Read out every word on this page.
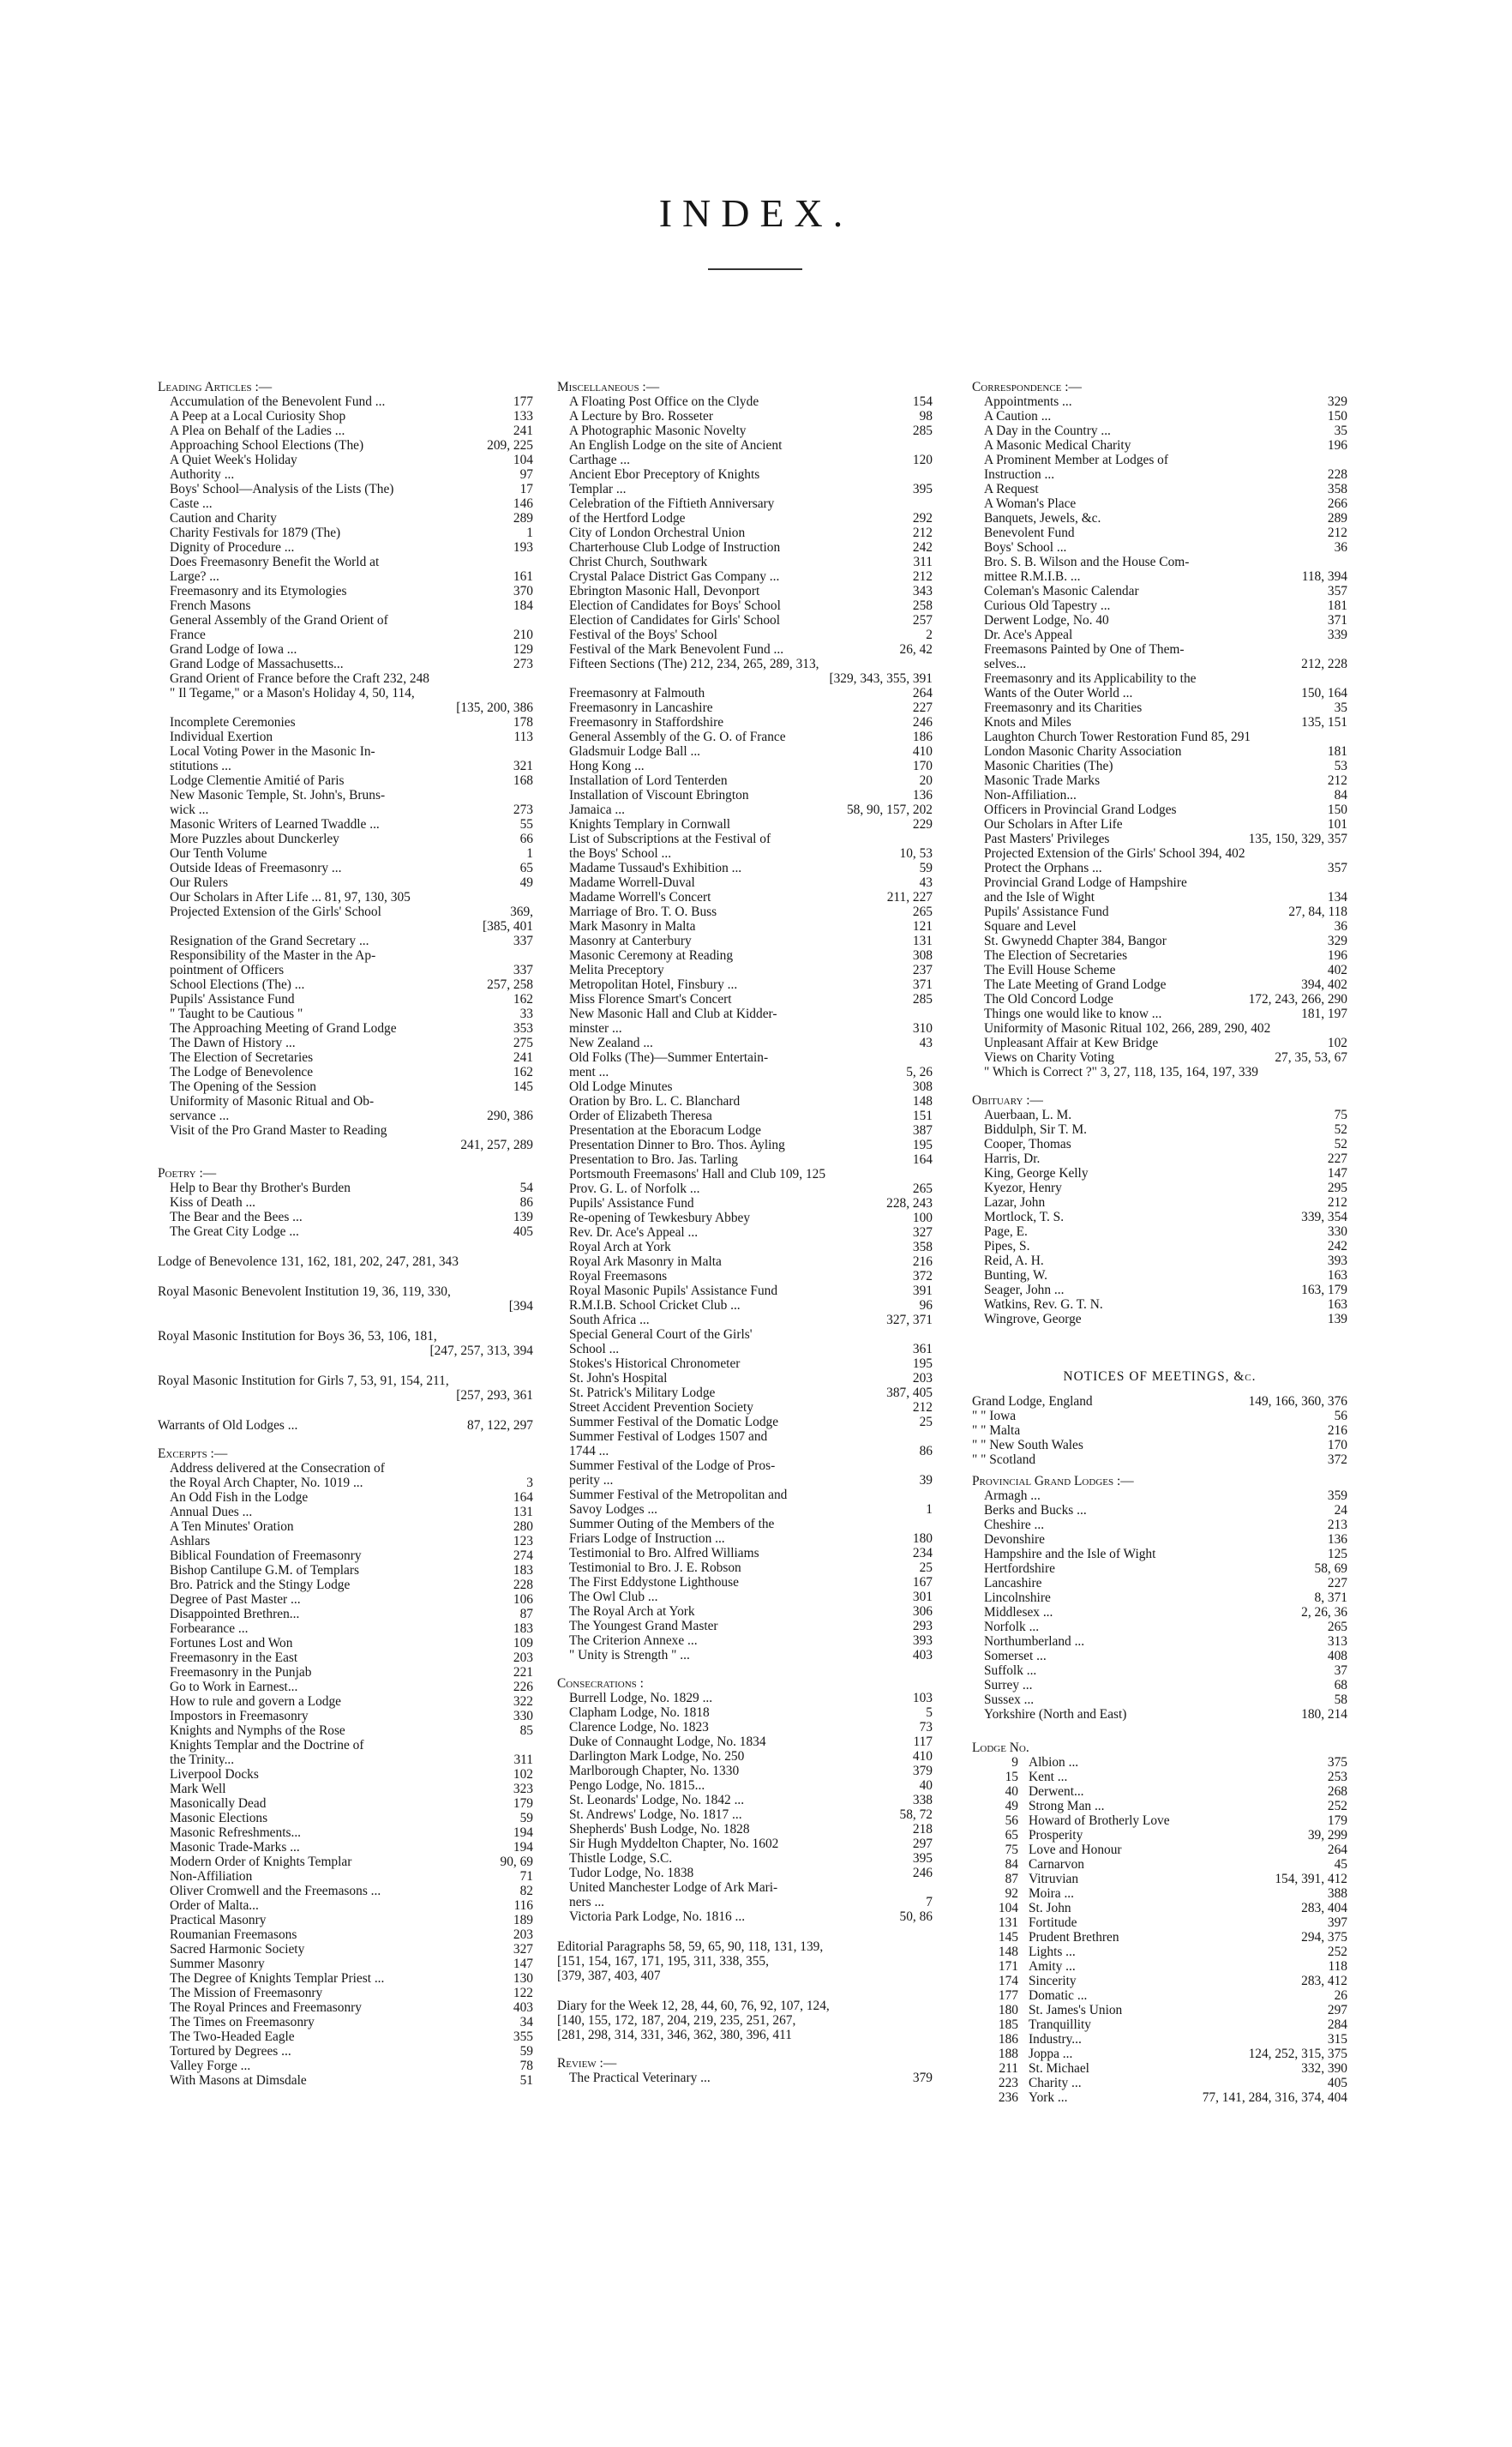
INDEX.
Leading Articles :—
Accumulation of the Benevolent Fund ...	177
A Peep at a Local Curiosity Shop	133
A Plea on Behalf of the Ladies ...	241
Approaching School Elections (The)	209, 225
A Quiet Week's Holiday	104
Authority ...	97
Boys' School—Analysis of the Lists (The)	17
Caste ...	146
Caution and Charity	289
Charity Festivals for 1879 (The)	1
Dignity of Procedure ...	193
Does Freemasonry Benefit the World at
Large? ...	161
Freemasonry and its Etymologies	370
French Masons	184
General Assembly of the Grand Orient of
France	210
Grand Lodge of Iowa ...	129
Grand Lodge of Massachusetts...	273
Grand Orient of France before the Craft 232, 248
" Il Tegame," or a Mason's Holiday 4, 50, 114,
[135, 200, 386
Incomplete Ceremonies	178
Individual Exertion	113
Local Voting Power in the Masonic In-
stitutions ...	321
Lodge Clementie Amitié of Paris	168
New Masonic Temple, St. John's, Bruns-
wick ...	273
Masonic Writers of Learned Twaddle ...	55
More Puzzles about Dunckerley	66
Our Tenth Volume	1
Outside Ideas of Freemasonry ...	65
Our Rulers	49
Our Scholars in After Life ... 81, 97, 130, 305
Projected Extension of the Girls' School	369,
[385, 401
Resignation of the Grand Secretary ...	337
Responsibility of the Master in the Ap-
pointment of Officers	337
School Elections (The) ...	257, 258
Pupils' Assistance Fund	162
" Taught to be Cautious "	33
The Approaching Meeting of Grand Lodge	353
The Dawn of History ...	275
The Election of Secretaries	241
The Lodge of Benevolence	162
The Opening of the Session	145
Uniformity of Masonic Ritual and Ob-
servance ...	290, 386
Visit of the Pro Grand Master to Reading
241, 257, 289
Poetry :—
Help to Bear thy Brother's Burden	54
Kiss of Death ...	86
The Bear and the Bees ...	139
The Great City Lodge ...	405
Lodge of Benevolence 131, 162, 181, 202, 247, 281, 343
Royal Masonic Benevolent Institution 19, 36, 119, 330,
[394
Royal Masonic Institution for Boys 36, 53, 106, 181,
[247, 257, 313, 394
Royal Masonic Institution for Girls 7, 53, 91, 154, 211,
[257, 293, 361
Warrants of Old Lodges ...	87, 122, 297
Excerpts :—
Address delivered at the Consecration of
the Royal Arch Chapter, No. 1019 ...	3
An Odd Fish in the Lodge	164
Annual Dues ...	131
A Ten Minutes' Oration	280
Ashlars	123
Biblical Foundation of Freemasonry	274
Bishop Cantilupe G.M. of Templars	183
Bro. Patrick and the Stingy Lodge	228
Degree of Past Master ...	106
Disappointed Brethren...	87
Forbearance ...	183
Fortunes Lost and Won	109
Freemasonry in the East	203
Freemasonry in the Punjab	221
Go to Work in Earnest...	226
How to rule and govern a Lodge	322
Impostors in Freemasonry	330
Knights and Nymphs of the Rose	85
Knights Templar and the Doctrine of
the Trinity...	311
Liverpool Docks	102
Mark Well	323
Masonically Dead	179
Masonic Elections	59
Masonic Refreshments...	194
Masonic Trade-Marks ...	194
Modern Order of Knights Templar	90, 69
Non-Affiliation	71
Oliver Cromwell and the Freemasons ...	82
Order of Malta...	116
Practical Masonry	189
Roumanian Freemasons	203
Sacred Harmonic Society	327
Summer Masonry	147
The Degree of Knights Templar Priest ...	130
The Mission of Freemasonry	122
The Royal Princes and Freemasonry	403
The Times on Freemasonry	34
The Two-Headed Eagle	355
Tortured by Degrees ...	59
Valley Forge ...	78
With Masons at Dimsdale	51
Miscellaneous :—
A Floating Post Office on the Clyde	154
A Lecture by Bro. Rosseter	98
A Photographic Masonic Novelty	285
An English Lodge on the site of Ancient
Carthage ...	120
Ancient Ebor Preceptory of Knights
Templar ...	395
Celebration of the Fiftieth Anniversary
of the Hertford Lodge	292
City of London Orchestral Union	212
Charterhouse Club Lodge of Instruction	242
Christ Church, Southwark	311
Crystal Palace District Gas Company ...	212
Ebrington Masonic Hall, Devonport	343
Election of Candidates for Boys' School	258
Election of Candidates for Girls' School	257
Festival of the Boys' School	2
Festival of the Mark Benevolent Fund ...	26, 42
Fifteen Sections (The) 212, 234, 265, 289, 313,
[329, 343, 355, 391
Freemasonry at Falmouth	264
Freemasonry in Lancashire	227
Freemasonry in Staffordshire	246
General Assembly of the G. O. of France	186
Gladsmuir Lodge Ball ...	410
Hong Kong ...	170
Installation of Lord Tenterden	20
Installation of Viscount Ebrington	136
Jamaica ...	58, 90, 157, 202
Knights Templary in Cornwall	229
List of Subscriptions at the Festival of
the Boys' School ...	10, 53
Madame Tussaud's Exhibition ...	59
Madame Worrell-Duval	43
Madame Worrell's Concert	211, 227
Marriage of Bro. T. O. Buss	265
Mark Masonry in Malta	121
Masonry at Canterbury	131
Masonic Ceremony at Reading	308
Melita Preceptory	237
Metropolitan Hotel, Finsbury ...	371
Miss Florence Smart's Concert	285
New Masonic Hall and Club at Kidder-
minster ...	310
New Zealand ...	43
Old Folks (The)—Summer Entertain-
ment ...	5, 26
Old Lodge Minutes	308
Oration by Bro. L. C. Blanchard	148
Order of Elizabeth Theresa	151
Presentation at the Eboracum Lodge	387
Presentation Dinner to Bro. Thos. Ayling	195
Presentation to Bro. Jas. Tarling	164
Portsmouth Freemasons' Hall and Club 109, 125
Prov. G. L. of Norfolk ...	265
Pupils' Assistance Fund	228, 243
Re-opening of Tewkesbury Abbey	100
Rev. Dr. Ace's Appeal ...	327
Royal Arch at York	358
Royal Ark Masonry in Malta	216
Royal Freemasons	372
Royal Masonic Pupils' Assistance Fund	391
R.M.I.B. School Cricket Club ...	96
South Africa ...	327, 371
Special General Court of the Girls'
School ...	361
Stokes's Historical Chronometer	195
St. John's Hospital	203
St. Patrick's Military Lodge	387, 405
Street Accident Prevention Society	212
Summer Festival of the Domatic Lodge	25
Summer Festival of Lodges 1507 and
1744 ...	86
Summer Festival of the Lodge of Pros-
perity ...	39
Summer Festival of the Metropolitan and
Savoy Lodges ...	1
Summer Outing of the Members of the
Friars Lodge of Instruction ...	180
Testimonial to Bro. Alfred Williams	234
Testimonial to Bro. J. E. Robson	25
The First Eddystone Lighthouse	167
The Owl Club ...	301
The Royal Arch at York	306
The Youngest Grand Master	293
The Criterion Annexe ...	393
" Unity is Strength " ...	403
Consecrations :
Burrell Lodge, No. 1829 ...	103
Clapham Lodge, No. 1818	5
Clarence Lodge, No. 1823	73
Duke of Connaught Lodge, No. 1834	117
Darlington Mark Lodge, No. 250	410
Marlborough Chapter, No. 1330	379
Pengo Lodge, No. 1815...	40
St. Leonards' Lodge, No. 1842 ...	338
St. Andrews' Lodge, No. 1817 ...	58, 72
Shepherds' Bush Lodge, No. 1828	218
Sir Hugh Myddelton Chapter, No. 1602	297
Thistle Lodge, S.C.	395
Tudor Lodge, No. 1838	246
United Manchester Lodge of Ark Mari-
ners ...	7
Victoria Park Lodge, No. 1816 ...	50, 86
Editorial Paragraphs 58, 59, 65, 90, 118, 131, 139,
[151, 154, 167, 171, 195, 311, 338, 355,
[379, 387, 403, 407
Diary for the Week 12, 28, 44, 60, 76, 92, 107, 124,
[140, 155, 172, 187, 204, 219, 235, 251, 267,
[281, 298, 314, 331, 346, 362, 380, 396, 411
Review :—
The Practical Veterinary ...	379
Correspondence :—
Appointments ...	329
A Caution ...	150
A Day in the Country ...	35
A Masonic Medical Charity	196
A Prominent Member at Lodges of
Instruction ...	228
A Request	358
A Woman's Place	266
Banquets, Jewels, &c.	289
Benevolent Fund	212
Boys' School ...	36
Bro. S. B. Wilson and the House Com-
mittee R.M.I.B. ...	118, 394
Coleman's Masonic Calendar	357
Curious Old Tapestry ...	181
Derwent Lodge, No. 40	371
Dr. Ace's Appeal	339
Freemasons Painted by One of Them-
selves...	212, 228
Freemasonry and its Applicability to the
Wants of the Outer World ...	150, 164
Freemasonry and its Charities	35
Knots and Miles	135, 151
Laughton Church Tower Restoration Fund 85, 291
London Masonic Charity Association	181
Masonic Charities (The)	53
Masonic Trade Marks	212
Non-Affiliation...	84
Officers in Provincial Grand Lodges	150
Our Scholars in After Life	101
Past Masters' Privileges	135, 150, 329, 357
Projected Extension of the Girls' School 394, 402
Protect the Orphans ...	357
Provincial Grand Lodge of Hampshire
and the Isle of Wight	134
Pupils' Assistance Fund	27, 84, 118
Square and Level	36
St. Gwynedd Chapter 384, Bangor	329
The Election of Secretaries	196
The Evill House Scheme	402
The Late Meeting of Grand Lodge	394, 402
The Old Concord Lodge	172, 243, 266, 290
Things one would like to know ...	181, 197
Uniformity of Masonic Ritual 102, 266, 289, 290, 402
Unpleasant Affair at Kew Bridge	102
Views on Charity Voting	27, 35, 53, 67
" Which is Correct ?" 3, 27, 118, 135, 164, 197, 339
Obituary :—
Auerbaan, L. M.	75
Biddulph, Sir T. M.	52
Cooper, Thomas	52
Harris, Dr.	227
King, George Kelly	147
Kyezor, Henry	295
Lazar, John	212
Mortlock, T. S.	339, 354
Page, E.	330
Pipes, S.	242
Reid, A. H.	393
Bunting, W.	163
Seager, John ...	163, 179
Watkins, Rev. G. T. N.	163
Wingrove, George	139
NOTICES OF MEETINGS, &c.
Grand Lodge, England	149, 166, 360, 376
" " Iowa	56
" " Malta	216
" " New South Wales	170
" " Scotland	372
Provincial Grand Lodges :—
Armagh ...	359
Berks and Bucks ...	24
Cheshire ...	213
Devonshire	136
Hampshire and the Isle of Wight	125
Hertfordshire	58, 69
Lancashire	227
Lincolnshire	8, 371
Middlesex ...	2, 26, 36
Norfolk ...	265
Northumberland ...	313
Somerset ...	408
Suffolk ...	37
Surrey ...	68
Sussex ...	58
Yorkshire (North and East)	180, 214
Lodge No.
9 Albion ...	375
15 Kent ...	253
40 Derwent...	268
49 Strong Man ...	252
56 Howard of Brotherly Love	179
65 Prosperity	39, 299
75 Love and Honour	264
84 Carnarvon	45
87 Vitruvian	154, 391, 412
92 Moira ...	388
104 St. John	283, 404
131 Fortitude	397
145 Prudent Brethren	294, 375
148 Lights ...	252
171 Amity ...	118
174 Sincerity	283, 412
177 Domatic ...	26
180 St. James's Union	297
185 Tranquillity	284
186 Industry...	315
188 Joppa ...	124, 252, 315, 375
211 St. Michael	332, 390
223 Charity ...	405
236 York ...	77, 141, 284, 316, 374, 404
